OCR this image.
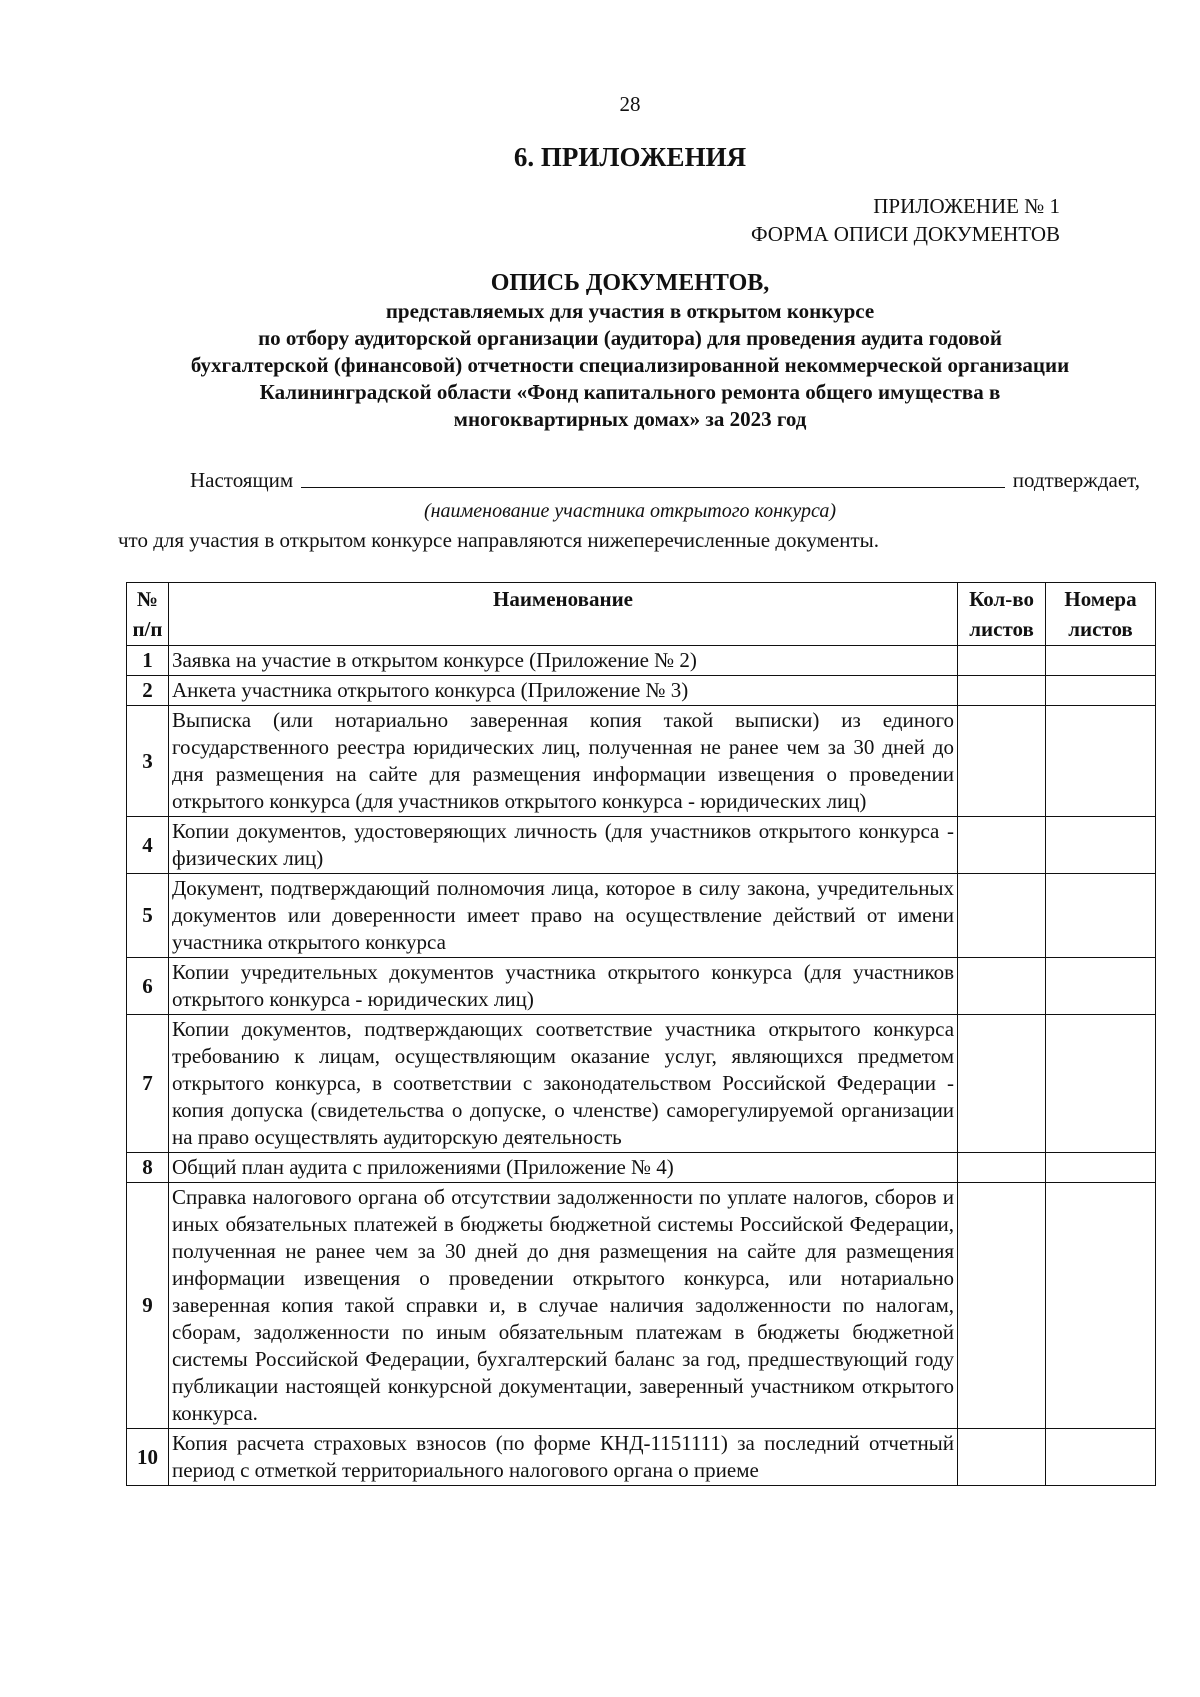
28
6. ПРИЛОЖЕНИЯ
ПРИЛОЖЕНИЕ № 1
ФОРМА ОПИСИ ДОКУМЕНТОВ
ОПИСЬ ДОКУМЕНТОВ,
представляемых для участия в открытом конкурсе
по отбору аудиторской организации (аудитора) для проведения аудита годовой
бухгалтерской (финансовой) отчетности специализированной некоммерческой организации
Калининградской области «Фонд капитального ремонта общего имущества в
многоквартирных домах» за 2023 год
Настоящим	подтверждает,
(наименование участника открытого конкурса)
что для участия в открытом конкурсе направляются нижеперечисленные документы.
№ п/п	Наименование	Кол-во листов	Номера листов
1	Заявка на участие в открытом конкурсе (Приложение № 2)		
2	Анкета участника открытого конкурса (Приложение № 3)		
3	Выписка (или нотариально заверенная копия такой выписки) из единого государственного реестра юридических лиц, полученная не ранее чем за 30 дней до дня размещения на сайте для размещения информации извещения о проведении открытого конкурса (для участников открытого конкурса - юридических лиц)		
4	Копии документов, удостоверяющих личность (для участников открытого конкурса - физических лиц)		
5	Документ, подтверждающий полномочия лица, которое в силу закона, учредительных документов или доверенности имеет право на осуществление действий от имени участника открытого конкурса		
6	Копии учредительных документов участника открытого конкурса (для участников открытого конкурса - юридических лиц)		
7	Копии документов, подтверждающих соответствие участника открытого конкурса требованию к лицам, осуществляющим оказание услуг, являющихся предметом открытого конкурса, в соответствии с законодательством Российской Федерации - копия допуска (свидетельства о допуске, о членстве) саморегулируемой организации на право осуществлять аудиторскую деятельность		
8	Общий план аудита с приложениями (Приложение № 4)		
9	Справка налогового органа об отсутствии задолженности по уплате налогов, сборов и иных обязательных платежей в бюджеты бюджетной системы Российской Федерации, полученная не ранее чем за 30 дней до дня размещения на сайте для размещения информации извещения о проведении открытого конкурса, или нотариально заверенная копия такой справки и, в случае наличия задолженности по налогам, сборам, задолженности по иным обязательным платежам в бюджеты бюджетной системы Российской Федерации, бухгалтерский баланс за год, предшествующий году публикации настоящей конкурсной документации, заверенный участником открытого конкурса.		
10	Копия расчета страховых взносов (по форме КНД-1151111) за последний отчетный период с отметкой территориального налогового органа о приеме		
